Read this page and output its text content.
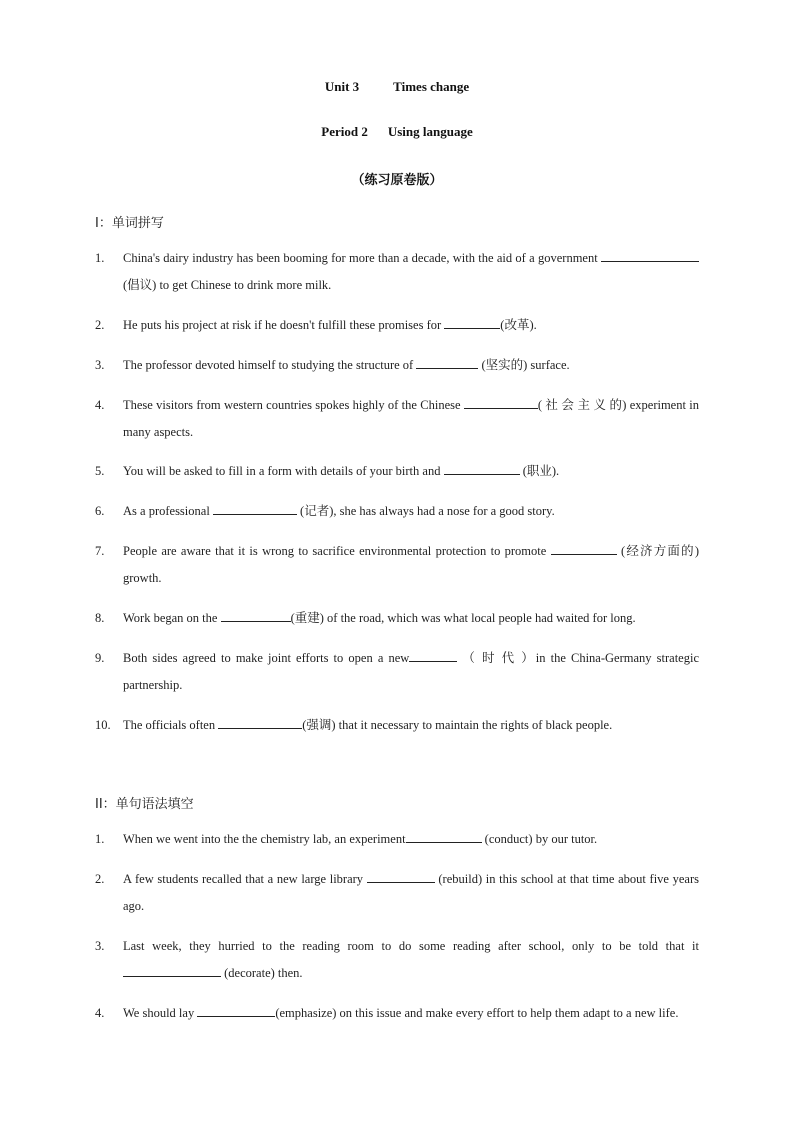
Unit 3	Times change
Period 2 Using language
（练习原卷版）
I：单词拼写
1.	China's dairy industry has been booming for more than a decade, with the aid of a government  (倡议) to get Chinese to drink more milk.
2.	He puts his project at risk if he doesn't fulfill these promises for	(改革).
3.	The professor devoted himself to studying the structure of	(坚实的) surface.
4.	These visitors from western countries spokes highly of the Chinese	( 社 会 主 义 的) experiment in many aspects.
5.	You will be asked to fill in a form with details of your birth and	(职业).
6.	As a professional	(记者), she has always had a nose for a good story.
7.	People are aware that it is wrong to sacrifice environmental protection to promote	(经济方面的) growth.
8.	Work began on the	(重建) of the road, which was what local people had waited for long.
9.	Both sides agreed to make joint efforts to open a new	（ 时 代 ）in the China-Germany strategic partnership.
10. The officials often	(强调) that it necessary to maintain the rights of black people.
II：单句语法填空
1.	When we went into the the chemistry lab, an experiment	(conduct) by our tutor.
2.	A few students recalled that a new large library	(rebuild) in this school at that time about five years ago.
3.	Last week, they hurried to the reading room to do some reading after school, only to be told that it  (decorate) then.
4.	We should lay	(emphasize) on this issue and make every effort to help them adapt to a new life.
